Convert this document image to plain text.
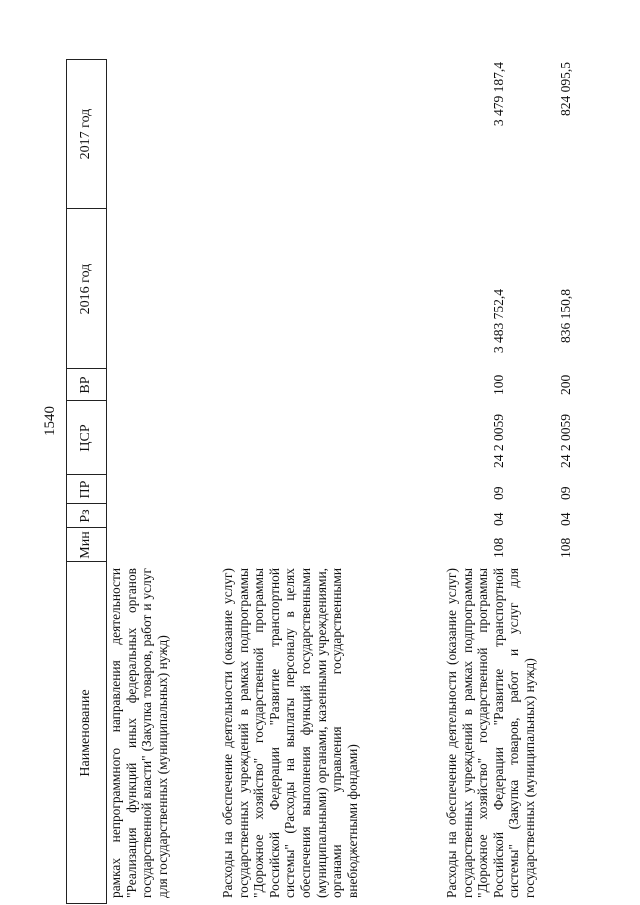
1540
Наименование
Мин
Рз
ПР
ЦСР
ВР
2016 год
2017 год
рамках непрограммного направления деятельности "Реализация функций иных федеральных органов государственной власти" (Закупка товаров, работ и услуг для государственных (муниципальных) нужд)	Расходы на обеспечение деятельности (оказание услуг) государственных учреждений в рамках подпрограммы "Дорожное хозяйство" государственной программы Российской Федерации "Развитие транспортной системы" (Расходы на выплаты персоналу в целях обеспечения выполнения функций государственными (муниципальными) органами, казенными учреждениями, органами управления государственными внебюджетными фондами)
108
04
09
24 2 0059
100
3 483 752,4
3 479 187,4
Расходы на обеспечение деятельности (оказание услуг) государственных учреждений в рамках подпрограммы "Дорожное хозяйство" государственной программы Российской Федерации "Развитие транспортной системы" (Закупка товаров, работ и услуг для государственных (муниципальных) нужд)
108
04
09
24 2 0059
200
836 150,8
824 095,5
